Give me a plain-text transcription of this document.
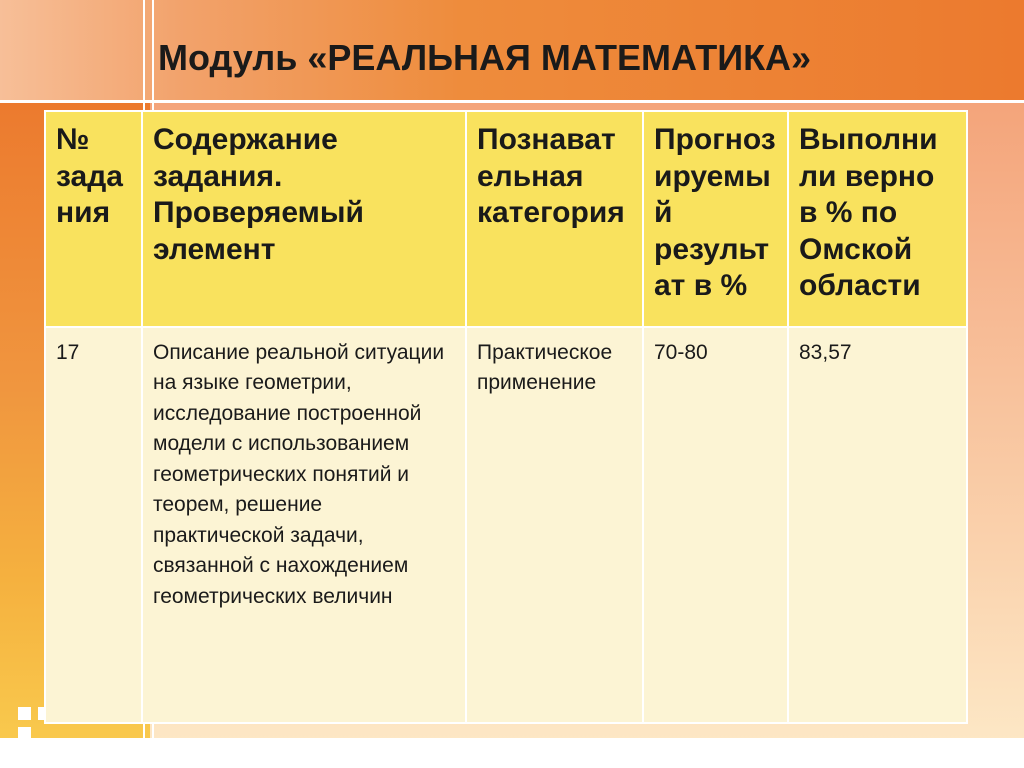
Модуль «РЕАЛЬНАЯ МАТЕМАТИКА»
№ задания	Содержание задания. Проверяемый элемент	Познавательная категория	Прогнозируемый результат в %	Выполнили верно в % по Омской области
17	Описание реальной ситуации на языке геометрии, исследование построенной модели с использованием геометрических понятий и теорем, решение практической задачи, связанной с нахождением геометрических величин	Практическое применение	70-80	83,57
